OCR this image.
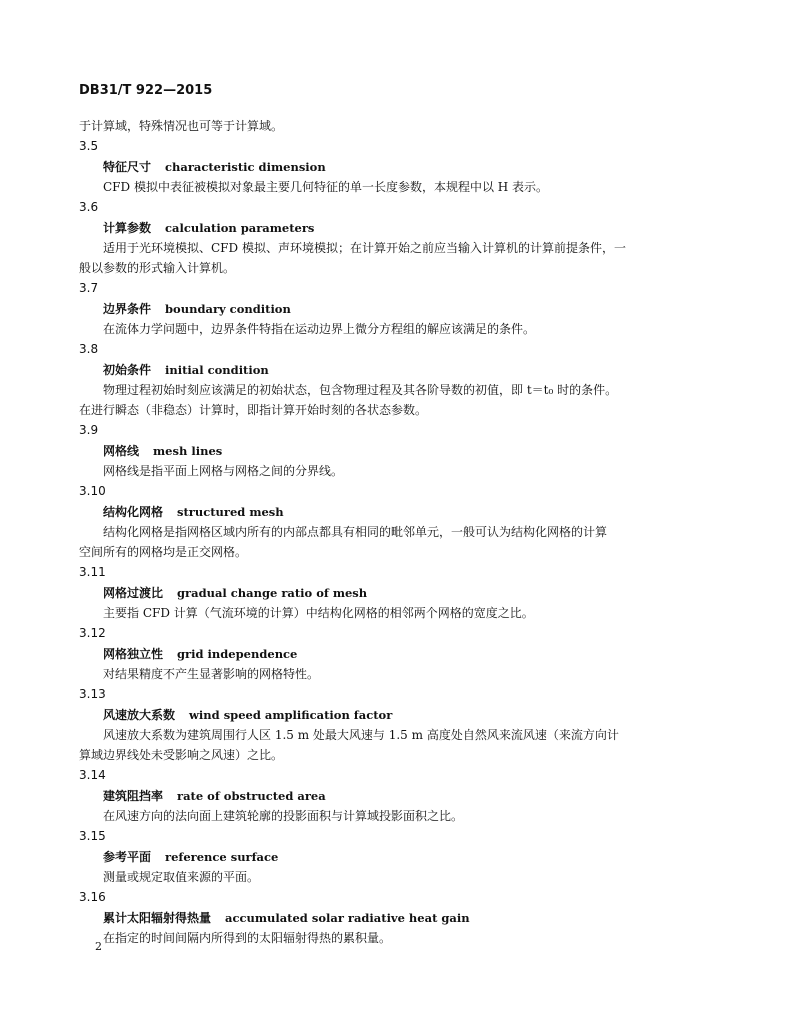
DB31/T 922—2015

于计算域，特殊情况也可等于计算域。

3.5

特征尺寸 characteristic dimension

CFD 模拟中表征被模拟对象最主要几何特征的单一长度参数，本规程中以 H 表示。

3.6

计算参数 calculation parameters

适用于光环境模拟、CFD 模拟、声环境模拟；在计算开始之前应当输入计算机的计算前提条件，一

般以参数的形式输入计算机。

3.7

边界条件 boundary condition

在流体力学问题中，边界条件特指在运动边界上微分方程组的解应该满足的条件。

3.8

初始条件 initial condition

物理过程初始时刻应该满足的初始状态，包含物理过程及其各阶导数的初值，即 t＝t₀ 时的条件。

在进行瞬态（非稳态）计算时，即指计算开始时刻的各状态参数。

3.9

网格线 mesh lines

网格线是指平面上网格与网格之间的分界线。

3.10

结构化网格 structured mesh

结构化网格是指网格区域内所有的内部点都具有相同的毗邻单元，一般可认为结构化网格的计算

空间所有的网格均是正交网格。

3.11

网格过渡比 gradual change ratio of mesh

主要指 CFD 计算（气流环境的计算）中结构化网格的相邻两个网格的宽度之比。

3.12

网格独立性 grid independence

对结果精度不产生显著影响的网格特性。

3.13

风速放大系数 wind speed amplification factor

风速放大系数为建筑周围行人区 1.5 m 处最大风速与 1.5 m 高度处自然风来流风速（来流方向计

算域边界线处未受影响之风速）之比。

3.14

建筑阻挡率 rate of obstructed area

在风速方向的法向面上建筑轮廓的投影面积与计算域投影面积之比。

3.15

参考平面 reference surface

测量或规定取值来源的平面。

3.16

累计太阳辐射得热量 accumulated solar radiative heat gain

在指定的时间间隔内所得到的太阳辐射得热的累积量。

2
